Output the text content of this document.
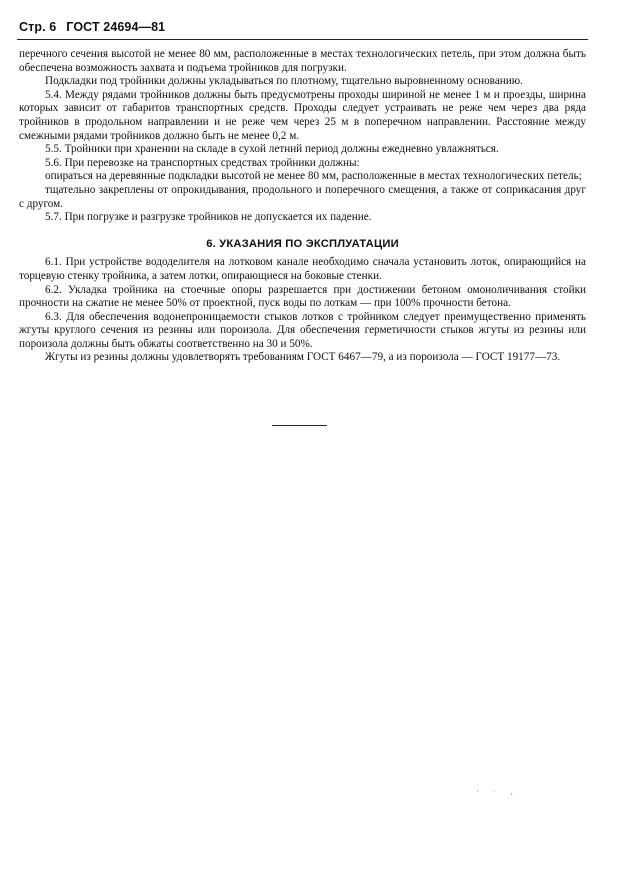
Стр. 6 ГОСТ 24694—81

перечного сечения высотой не менее 80 мм, расположенные в местах технологических петель, при этом должна быть обеспечена возможность захвата и подъема тройников для погрузки.

Подкладки под тройники должны укладываться по плотному, тщательно выровненному основанию.

5.4. Между рядами тройников должны быть предусмотрены проходы шириной не менее 1 м и проезды, ширина которых зависит от габаритов транспортных средств. Проходы следует устраивать не реже чем через два ряда тройников в продольном направлении и не реже чем через 25 м в поперечном направлении. Расстояние между смежными рядами тройников должно быть не менее 0,2 м.

5.5. Тройники при хранении на складе в сухой летний период должны ежедневно увлажняться.

5.6. При перевозке на транспортных средствах тройники должны:

опираться на деревянные подкладки высотой не менее 80 мм, расположенные в местах технологических петель;

тщательно закреплены от опрокидывания, продольного и поперечного смещения, а также от соприкасания друг с другом.

5.7. При погрузке и разгрузке тройников не допускается их падение.

6. УКАЗАНИЯ ПО ЭКСПЛУАТАЦИИ

6.1. При устройстве вододелителя на лотковом канале необходимо сначала установить лоток, опирающийся на торцевую стенку тройника, а затем лотки, опирающиеся на боковые стенки.

6.2. Укладка тройника на стоечные опоры разрешается при достижении бетоном омоноличивания стойки прочности на сжатие не менее 50% от проектной, пуск воды по лоткам — при 100% прочности бетона.

6.3. Для обеспечения водонепроницаемости стыков лотков с тройником следует преимущественно применять жгуты круглого сечения из резины или пороизола. Для обеспечения герметичности стыков жгуты из резины или пороизола должны быть обжаты соответственно на 30 и 50%.

Жгуты из резины должны удовлетворять требованиям ГОСТ 6467—79, а из пороизола — ГОСТ 19177—73.

· · ,
